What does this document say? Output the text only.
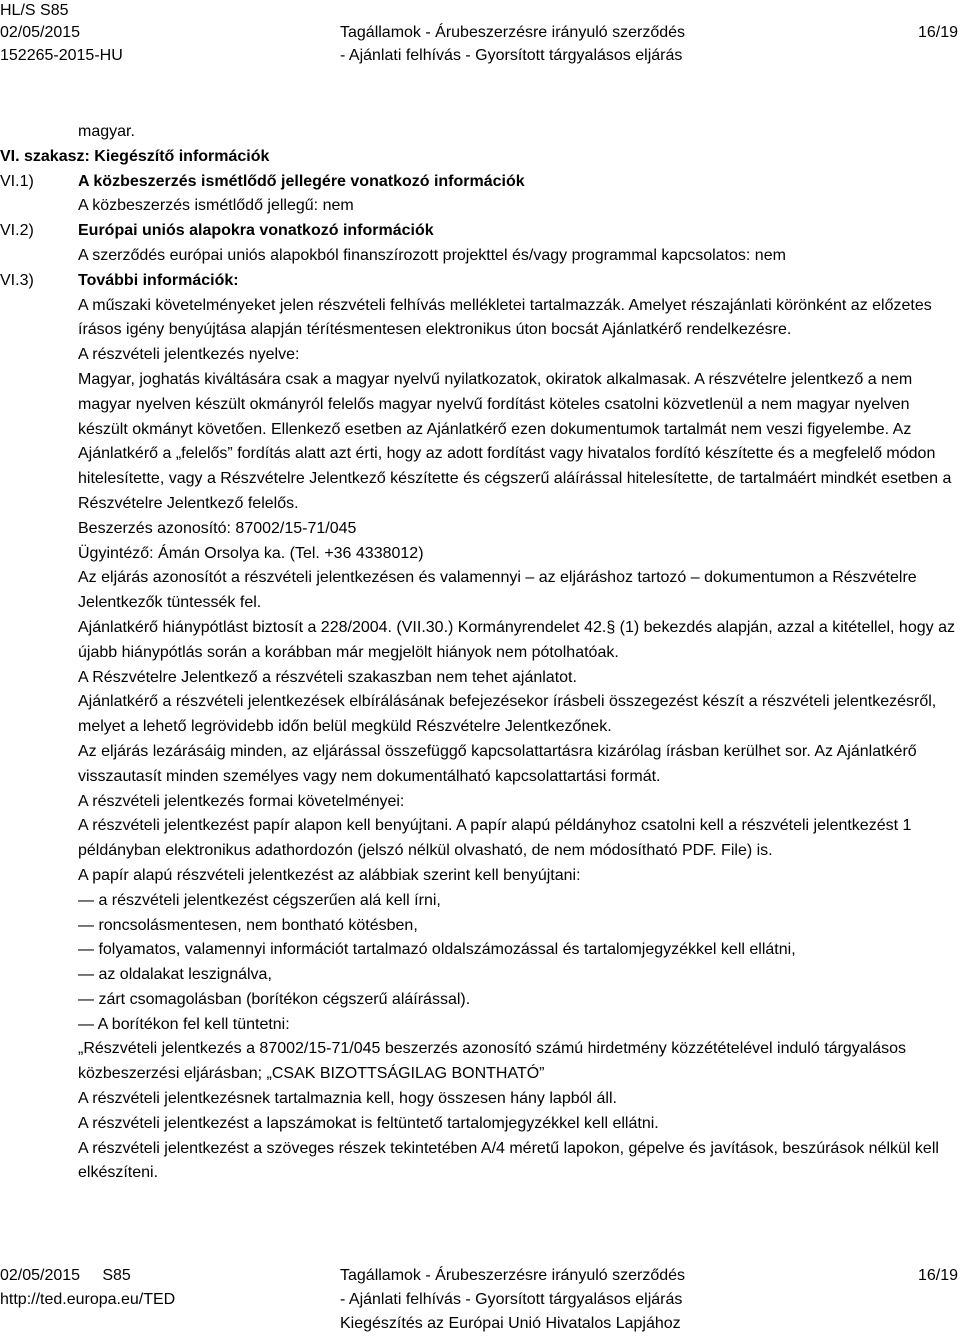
HL/S S85
02/05/2015
152265-2015-HU
Tagállamok - Árubeszerzésre irányuló szerződés
- Ajánlati felhívás - Gyorsított tárgyalásos eljárás
16/19

magyar.

VI. szakasz: Kiegészítő információk

VI.1)	A közbeszerzés ismétlődő jellegére vonatkozó információk

A közbeszerzés ismétlődő jellegű: nem

VI.2)	Európai uniós alapokra vonatkozó információk

A szerződés európai uniós alapokból finanszírozott projekttel és/vagy programmal kapcsolatos: nem

VI.3)	További információk:

A műszaki követelményeket jelen részvételi felhívás mellékletei tartalmazzák. Amelyet részajánlati körönként az előzetes írásos igény benyújtása alapján térítésmentesen elektronikus úton bocsát Ajánlatkérő rendelkezésre.

A részvételi jelentkezés nyelve:

Magyar, joghatás kiváltására csak a magyar nyelvű nyilatkozatok, okiratok alkalmasak. A részvételre jelentkező a nem magyar nyelven készült okmányról felelős magyar nyelvű fordítást köteles csatolni közvetlenül a nem magyar nyelven készült okmányt követően. Ellenkező esetben az Ajánlatkérő ezen dokumentumok tartalmát nem veszi figyelembe. Az Ajánlatkérő a „felelős” fordítás alatt azt érti, hogy az adott fordítást vagy hivatalos fordító készítette és a megfelelő módon hitelesítette, vagy a Részvételre Jelentkező készítette és cégszerű aláírással hitelesítette, de tartalmáért mindkét esetben a Részvételre Jelentkező felelős.

Beszerzés azonosító: 87002/15-71/045

Ügyintéző: Ámán Orsolya ka. (Tel. +36 4338012)

Az eljárás azonosítót a részvételi jelentkezésen és valamennyi – az eljáráshoz tartozó – dokumentumon a Részvételre Jelentkezők tüntessék fel.

Ajánlatkérő hiánypótlást biztosít a 228/2004. (VII.30.) Kormányrendelet 42.§ (1) bekezdés alapján, azzal a kitétellel, hogy az újabb hiánypótlás során a korábban már megjelölt hiányok nem pótolhatóak.

A Részvételre Jelentkező a részvételi szakaszban nem tehet ajánlatot.

Ajánlatkérő a részvételi jelentkezések elbírálásának befejezésekor írásbeli összegezést készít a részvételi jelentkezésről, melyet a lehető legrövidebb időn belül megküld Részvételre Jelentkezőnek.

Az eljárás lezárásáig minden, az eljárással összefüggő kapcsolattartásra kizárólag írásban kerülhet sor. Az Ajánlatkérő visszautasít minden személyes vagy nem dokumentálható kapcsolattartási formát.

A részvételi jelentkezés formai követelményei:

A részvételi jelentkezést papír alapon kell benyújtani. A papír alapú példányhoz csatolni kell a részvételi jelentkezést 1 példányban elektronikus adathordozón (jelszó nélkül olvasható, de nem módosítható PDF. File) is.

A papír alapú részvételi jelentkezést az alábbiak szerint kell benyújtani:

— a részvételi jelentkezést cégszerűen alá kell írni,

— roncsolásmentesen, nem bontható kötésben,

— folyamatos, valamennyi információt tartalmazó oldalszámozással és tartalomjegyzékkel kell ellátni,

— az oldalakat leszignálva,

— zárt csomagolásban (borítékon cégszerű aláírással).

— A borítékon fel kell tüntetni:

„Részvételi jelentkezés a 87002/15-71/045 beszerzés azonosító számú hirdetmény közzétételével induló tárgyalásos közbeszerzési eljárásban; „CSAK BIZOTTSÁGILAG BONTHATÓ”

A részvételi jelentkezésnek tartalmaznia kell, hogy összesen hány lapból áll.

A részvételi jelentkezést a lapszámokat is feltüntető tartalomjegyzékkel kell ellátni.

A részvételi jelentkezést a szöveges részek tekintetében A/4 méretű lapokon, gépelve és javítások, beszúrások nélkül kell elkészíteni.

02/05/2015 S85
http://ted.europa.eu/TED
Tagállamok - Árubeszerzésre irányuló szerződés
- Ajánlati felhívás - Gyorsított tárgyalásos eljárás
Kiegészítés az Európai Unió Hivatalos Lapjához
16/19
